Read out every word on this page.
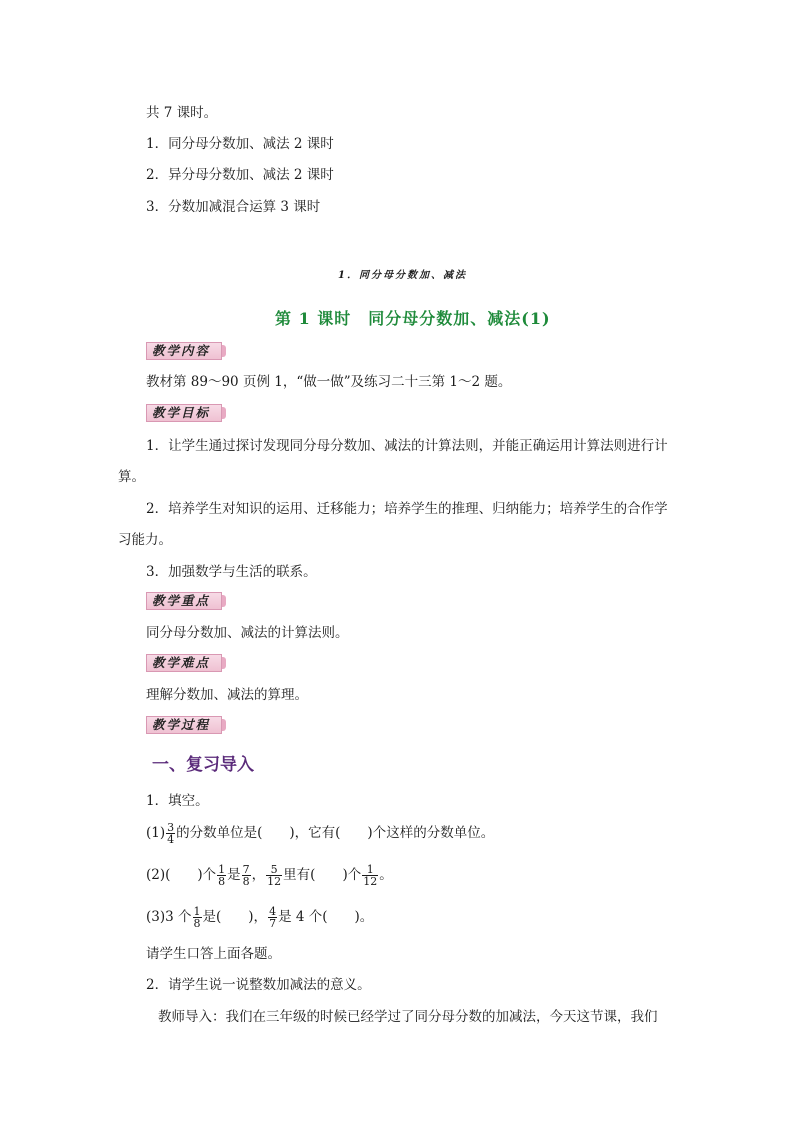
共 7 课时。
1．同分母分数加、减法 2 课时
2．异分母分数加、减法 2 课时
3．分数加减混合运算 3 课时
1．同分母分数加、减法
第 1 课时　同分母分数加、减法(1)
教学内容
教材第 89～90 页例 1，“做一做”及练习二十三第 1～2 题。
教学目标
1．让学生通过探讨发现同分母分数加、减法的计算法则，并能正确运用计算法则进行计
算。
2．培养学生对知识的运用、迁移能力；培养学生的推理、归纳能力；培养学生的合作学
习能力。
3．加强数学与生活的联系。
教学重点
同分母分数加、减法的计算法则。
教学难点
理解分数加、减法的算理。
教学过程
一、复习导入
1．填空。
$(1) \frac{3}{4}$ 的分数单位是(　　)，它有(　　)个这样的分数单位。
(2)(　　)个 $\frac{1}{8}$ 是 $\frac{7}{8}$ ， $\frac{5}{12}$ 里有(　　)个 $\frac{1}{12}$ 。
(3)3 个 $\frac{1}{8}$ 是(　　)， $\frac{4}{7}$ 是 4 个(　　)。
请学生口答上面各题。
2．请学生说一说整数加减法的意义。
教师导入：我们在三年级的时候已经学过了同分母分数的加减法，今天这节课，我们
